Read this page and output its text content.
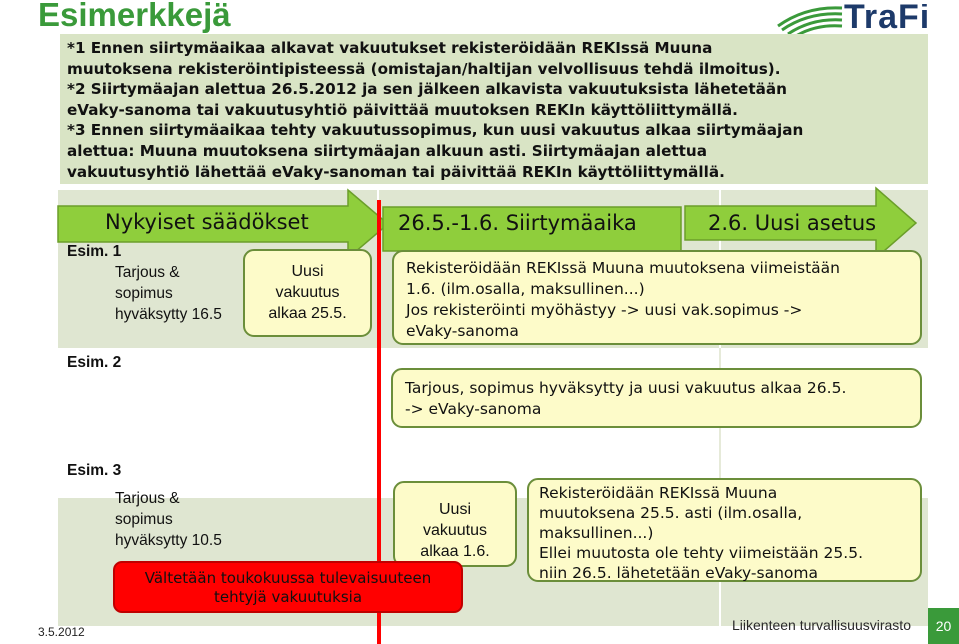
Esimerkkejä	TraFi
*1 Ennen siirtymäaikaa alkavat vakuutukset rekisteröidään REKIssä Muuna
muutoksena rekisteröintipisteessä (omistajan/haltijan velvollisuus tehdä ilmoitus).
*2 Siirtymäajan alettua 26.5.2012 ja sen jälkeen alkavista vakuutuksista lähetetään
eVaky-sanoma tai vakuutusyhtiö päivittää muutoksen REKIn käyttöliittymällä.
*3 Ennen siirtymäaikaa tehty vakuutussopimus, kun uusi vakuutus alkaa siirtymäajan
alettua: Muuna muutoksena siirtymäajan alkuun asti. Siirtymäajan alettua
vakuutusyhtiö lähettää eVaky-sanoman tai päivittää REKIn käyttöliittymällä.
Nykyiset säädökset	26.5.-1.6. Siirtymäaika	2.6. Uusi asetus
Esim. 1
Tarjous &
sopimus
hyväksytty 16.5
Uusi
vakuutus
alkaa 25.5.
Rekisteröidään REKIssä Muuna muutoksena viimeistään
1.6. (ilm.osalla, maksullinen...)
Jos rekisteröinti myöhästyy -> uusi vak.sopimus ->
eVaky-sanoma
Esim. 2
Tarjous, sopimus hyväksytty ja uusi vakuutus alkaa 26.5.
-> eVaky-sanoma
Esim. 3
Tarjous &
sopimus
hyväksytty 10.5
Uusi
vakuutus
alkaa 1.6.
Rekisteröidään REKIssä Muuna
muutoksena 25.5. asti (ilm.osalla,
maksullinen...)
Ellei muutosta ole tehty viimeistään 25.5.
niin 26.5. lähetetään eVaky-sanoma
Vältetään toukokuussa tulevaisuuteen
tehtyjä vakuutuksia
3.5.2012	Liikenteen turvallisuusvirasto	20
